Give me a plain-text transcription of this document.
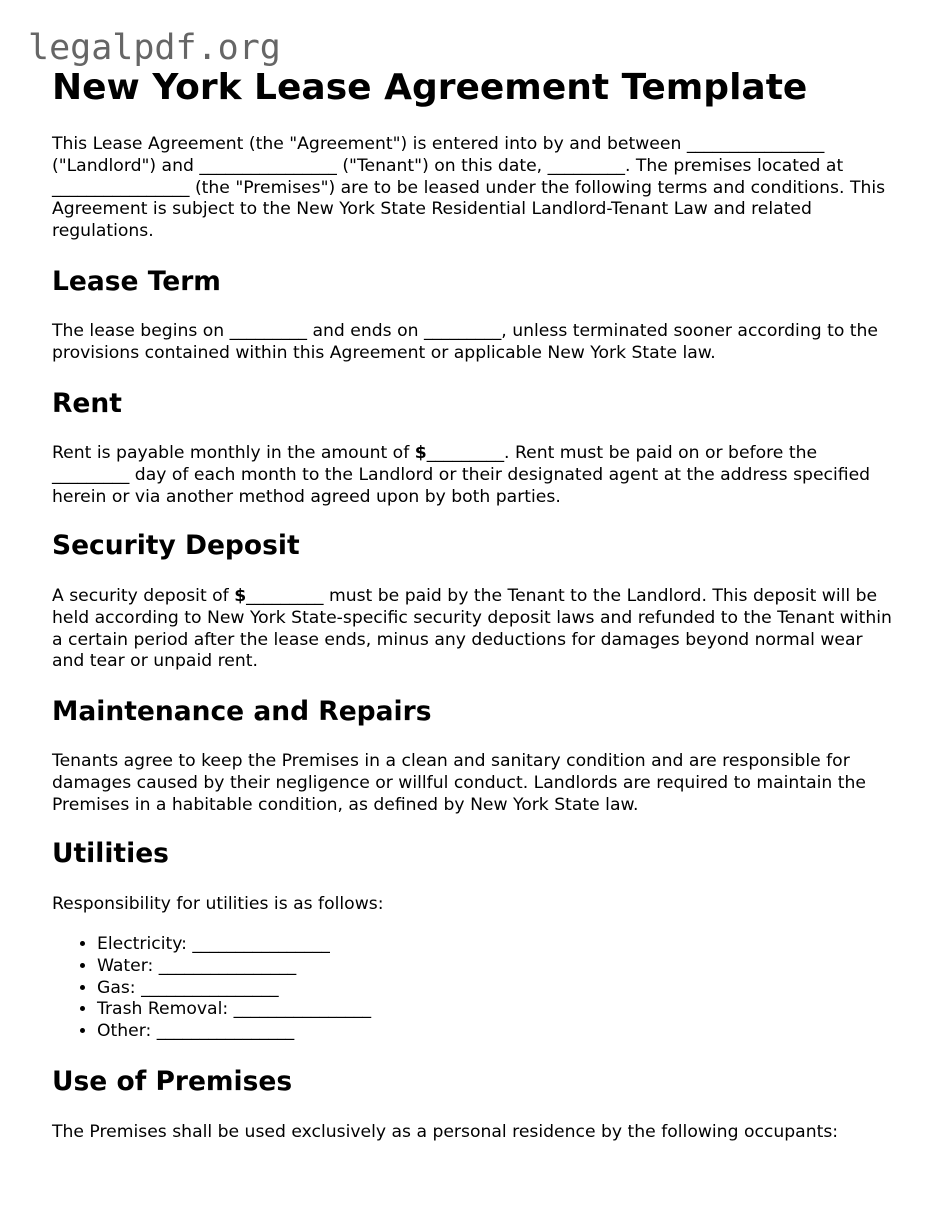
legalpdf.org
New York Lease Agreement Template

This Lease Agreement (the "Agreement") is entered into by and between ________________ ("Landlord") and ________________ ("Tenant") on this date, _________. The premises located at ________________ (the "Premises") are to be leased under the following terms and conditions. This Agreement is subject to the New York State Residential Landlord-Tenant Law and related regulations.

Lease Term

The lease begins on _________ and ends on _________, unless terminated sooner according to the provisions contained within this Agreement or applicable New York State law.

Rent

Rent is payable monthly in the amount of $_________. Rent must be paid on or before the _________ day of each month to the Landlord or their designated agent at the address specified herein or via another method agreed upon by both parties.

Security Deposit

A security deposit of $_________ must be paid by the Tenant to the Landlord. This deposit will be held according to New York State-specific security deposit laws and refunded to the Tenant within a certain period after the lease ends, minus any deductions for damages beyond normal wear and tear or unpaid rent.

Maintenance and Repairs

Tenants agree to keep the Premises in a clean and sanitary condition and are responsible for damages caused by their negligence or willful conduct. Landlords are required to maintain the Premises in a habitable condition, as defined by New York State law.

Utilities

Responsibility for utilities is as follows:

• Electricity: ________________
• Water: ________________
• Gas: ________________
• Trash Removal: ________________
• Other: ________________
Use of Premises

The Premises shall be used exclusively as a personal residence by the following occupants:
